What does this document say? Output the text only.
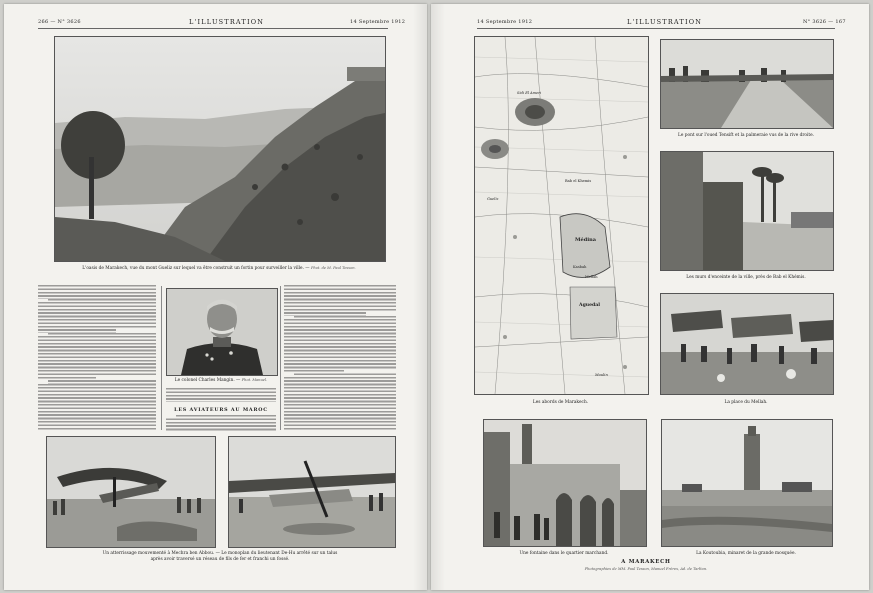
266 — N° 3626	L'ILLUSTRATION	14 Septembre 1912
L'oasis de Marakech, vue du mont Gueliz sur lequel va être construit un fortin pour surveiller la ville. — Phot. de M. Paul Tesson.
Le colonel Charles Mangin. — Phot. Manuel.
LES AVIATEURS AU MAROC
Un atterrissage mouvementé à Mechra ben Abbou. — Le monoplan du lieutenant De-Hu arrêté sur un talus
après avoir traversé un réseau de fils de fer et franchi un fossé.
14 Septembre 1912	L'ILLUSTRATION	N° 3626 — 167
Sidi El Ameri
Bab el Khemis
Médina
Mellah
Kasbah
Aguedal
Gueliz
Moulin
Les abords de Marakech.
Le pont sur l'oued Tensift et la palmeraie vus de la rive droite.
Les murs d'enceinte de la ville, près de Bab el Khémis.
La place du Mellah.
Une fontaine dans le quartier marchand.	La Koutoubia, minaret de la grande mosquée.
A MARAKECH
Photographies de MM. Paul Tesson, Manuel Frères, Ad. de Tarlton.
